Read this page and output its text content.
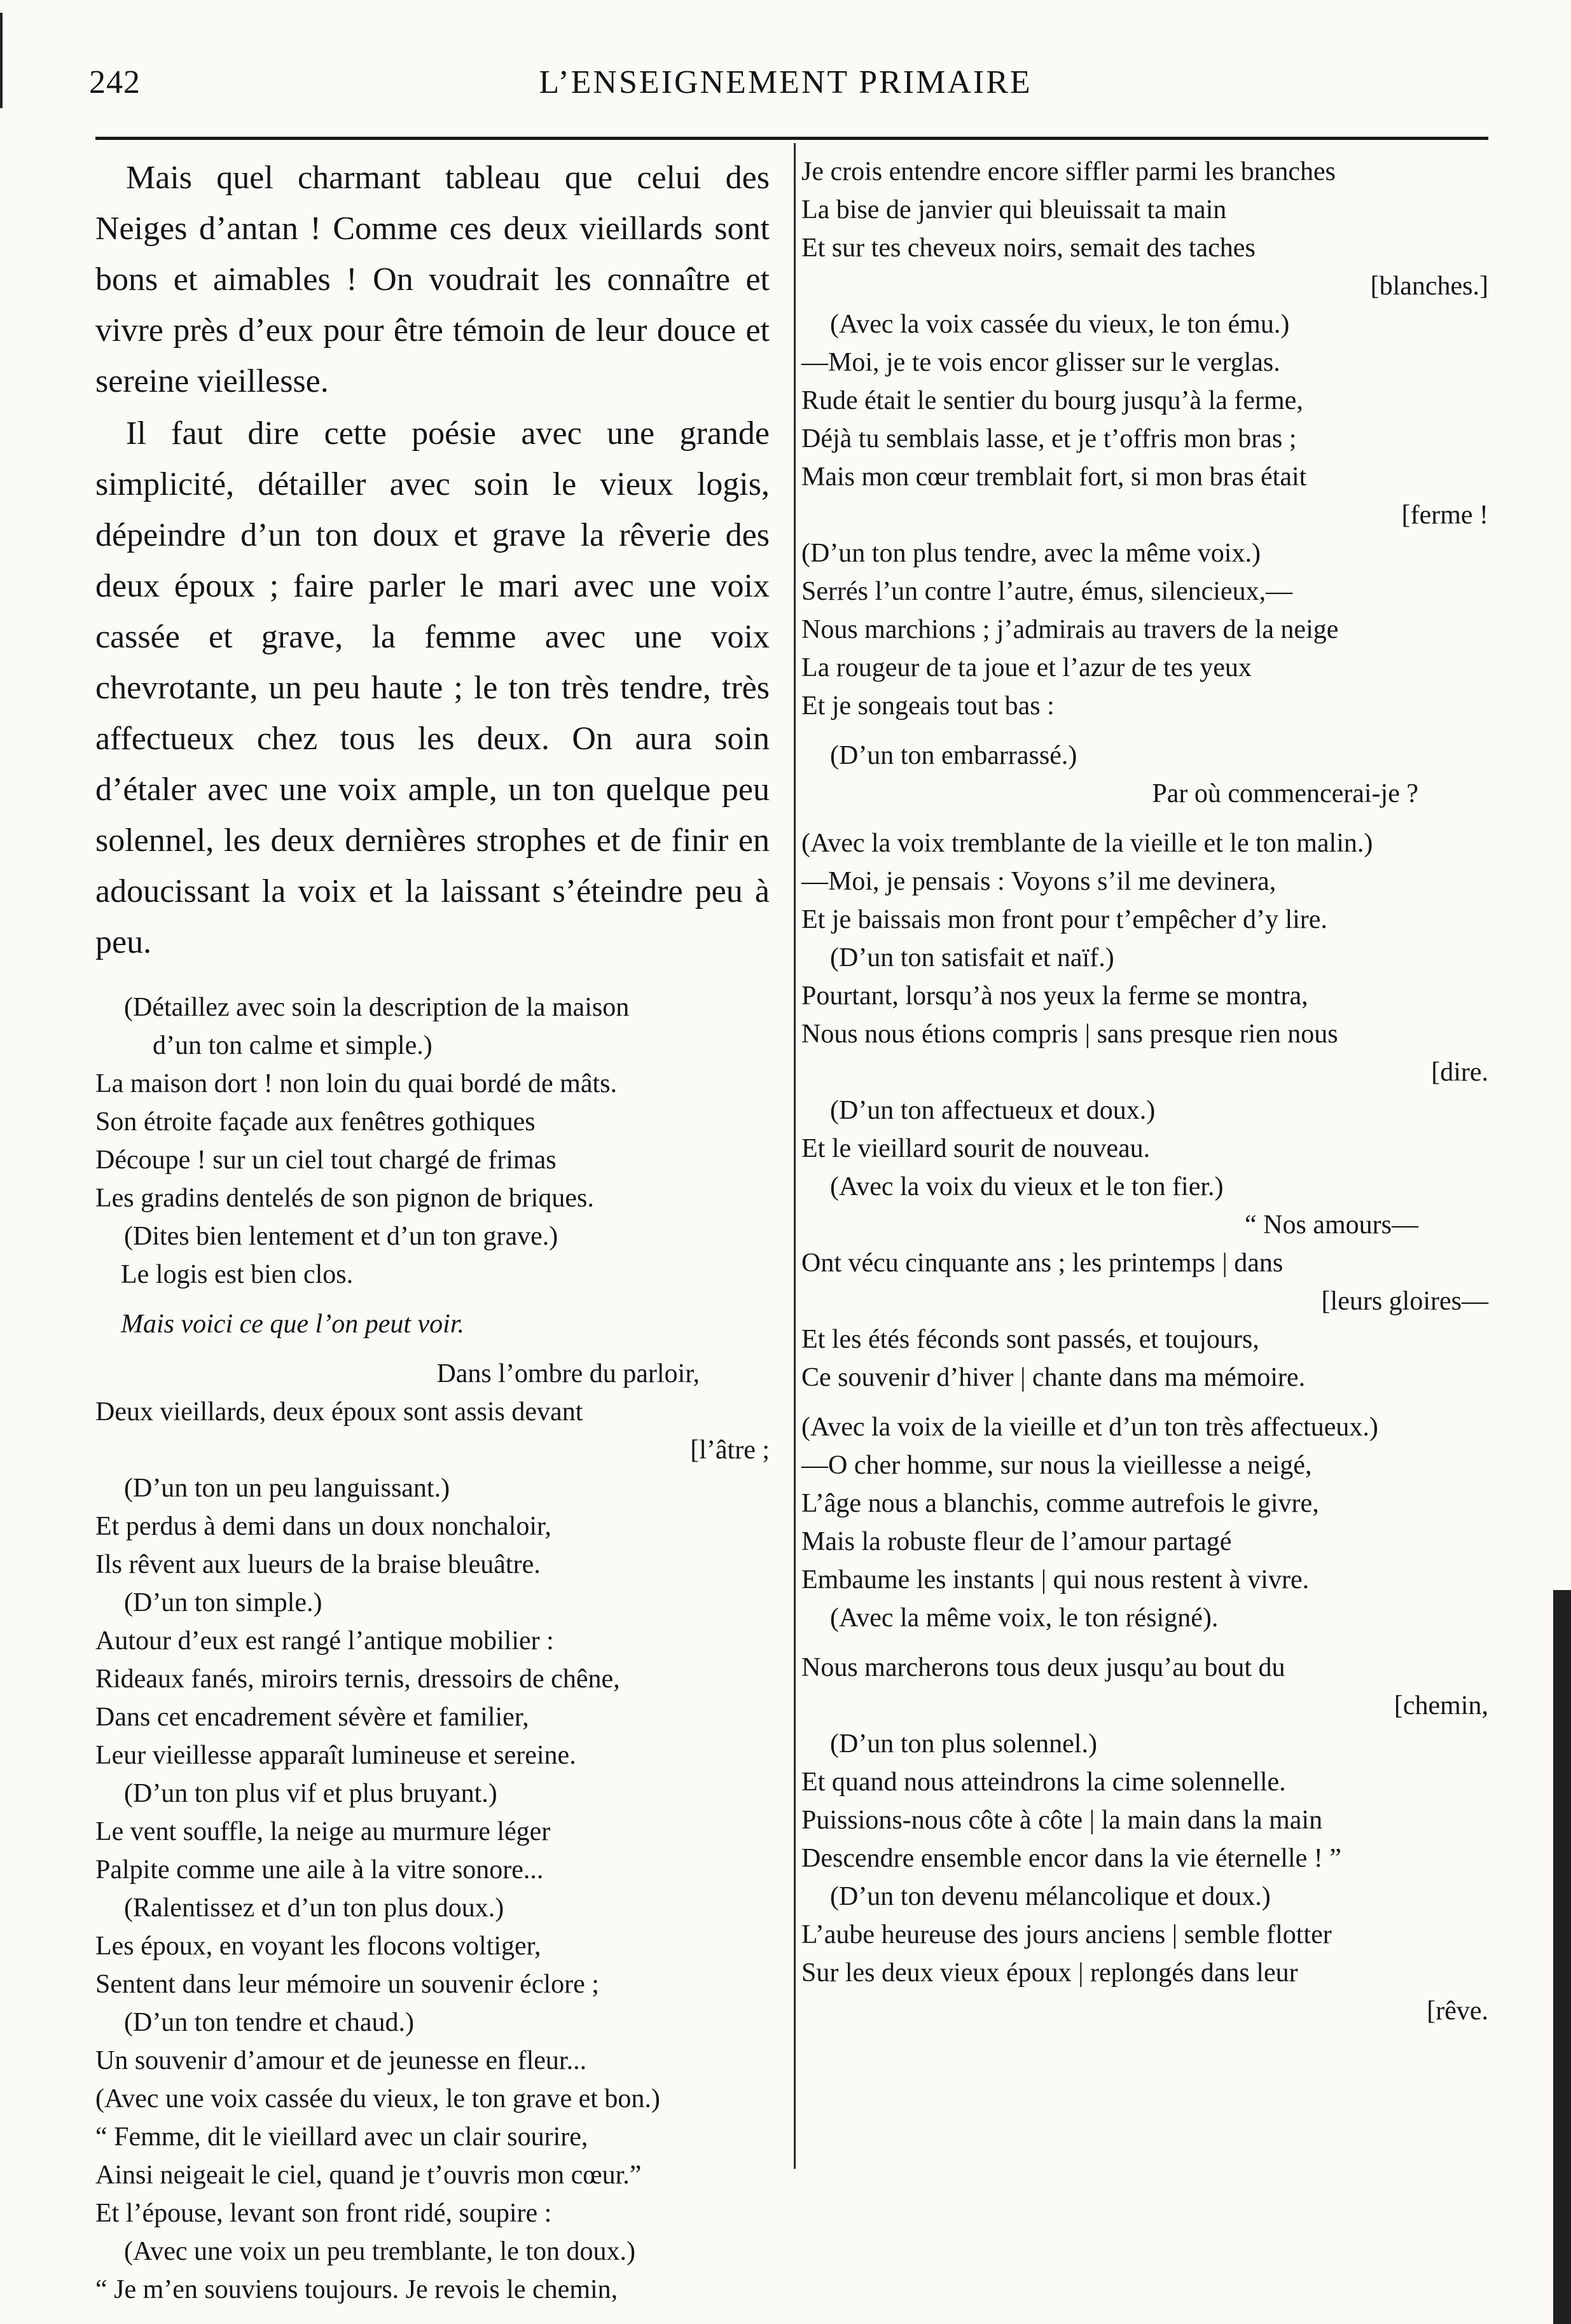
242	L’ENSEIGNEMENT PRIMAIRE

Mais quel charmant tableau que celui des Neiges d’antan ! Comme ces deux vieillards sont bons et aimables ! On voudrait les connaître et vivre près d’eux pour être témoin de leur douce et sereine vieillesse.

Il faut dire cette poésie avec une grande simplicité, détailler avec soin le vieux logis, dépeindre d’un ton doux et grave la rêverie des deux époux ; faire parler le mari avec une voix cassée et grave, la femme avec une voix chevrotante, un peu haute ; le ton très tendre, très affectueux chez tous les deux. On aura soin d’étaler avec une voix ample, un ton quelque peu solennel, les deux dernières strophes et de finir en adoucissant la voix et la laissant s’éteindre peu à peu.

(Détaillez avec soin la description de la maison
d’un ton calme et simple.)
La maison dort ! non loin du quai bordé de mâts.
Son étroite façade aux fenêtres gothiques
Découpe ! sur un ciel tout chargé de frimas
Les gradins dentelés de son pignon de briques.
(Dites bien lentement et d’un ton grave.)
Le logis est bien clos.
Mais voici ce que l’on peut voir.
Dans l’ombre du parloir,
Deux vieillards, deux époux sont assis devant
[l’âtre ;
(D’un ton un peu languissant.)
Et perdus à demi dans un doux nonchaloir,
Ils rêvent aux lueurs de la braise bleuâtre.
(D’un ton simple.)
Autour d’eux est rangé l’antique mobilier :
Rideaux fanés, miroirs ternis, dressoirs de chêne,
Dans cet encadrement sévère et familier,
Leur vieillesse apparaît lumineuse et sereine.
(D’un ton plus vif et plus bruyant.)
Le vent souffle, la neige au murmure léger
Palpite comme une aile à la vitre sonore...
(Ralentissez et d’un ton plus doux.)
Les époux, en voyant les flocons voltiger,
Sentent dans leur mémoire un souvenir éclore ;
(D’un ton tendre et chaud.)
Un souvenir d’amour et de jeunesse en fleur...
(Avec une voix cassée du vieux, le ton grave et bon.)
“ Femme, dit le vieillard avec un clair sourire,
Ainsi neigeait le ciel, quand je t’ouvris mon cœur.”
Et l’épouse, levant son front ridé, soupire :
(Avec une voix un peu tremblante, le ton doux.)
“ Je m’en souviens toujours. Je revois le chemin,
Je crois entendre encore siffler parmi les branches
La bise de janvier qui bleuissait ta main
Et sur tes cheveux noirs, semait des taches
[blanches.]
(Avec la voix cassée du vieux, le ton ému.)
—Moi, je te vois encor glisser sur le verglas.
Rude était le sentier du bourg jusqu’à la ferme,
Déjà tu semblais lasse, et je t’offris mon bras ;
Mais mon cœur tremblait fort, si mon bras était
[ferme !
(D’un ton plus tendre, avec la même voix.)
Serrés l’un contre l’autre, émus, silencieux,—
Nous marchions ; j’admirais au travers de la neige
La rougeur de ta joue et l’azur de tes yeux
Et je songeais tout bas :
(D’un ton embarrassé.)
Par où commencerai-je ?
(Avec la voix tremblante de la vieille et le ton malin.)
—Moi, je pensais : Voyons s’il me devinera,
Et je baissais mon front pour t’empêcher d’y lire.
(D’un ton satisfait et naïf.)
Pourtant, lorsqu’à nos yeux la ferme se montra,
Nous nous étions compris | sans presque rien nous
[dire.
(D’un ton affectueux et doux.)
Et le vieillard sourit de nouveau.
(Avec la voix du vieux et le ton fier.)
“ Nos amours—
Ont vécu cinquante ans ; les printemps | dans
[leurs gloires—
Et les étés féconds sont passés, et toujours,
Ce souvenir d’hiver | chante dans ma mémoire.
(Avec la voix de la vieille et d’un ton très affectueux.)
—O cher homme, sur nous la vieillesse a neigé,
L’âge nous a blanchis, comme autrefois le givre,
Mais la robuste fleur de l’amour partagé
Embaume les instants | qui nous restent à vivre.
(Avec la même voix, le ton résigné).
Nous marcherons tous deux jusqu’au bout du
[chemin,
(D’un ton plus solennel.)
Et quand nous atteindrons la cime solennelle.
Puissions-nous côte à côte | la main dans la main
Descendre ensemble encor dans la vie éternelle ! ”
(D’un ton devenu mélancolique et doux.)
L’aube heureuse des jours anciens | semble flotter
Sur les deux vieux époux | replongés dans leur
[rêve.
